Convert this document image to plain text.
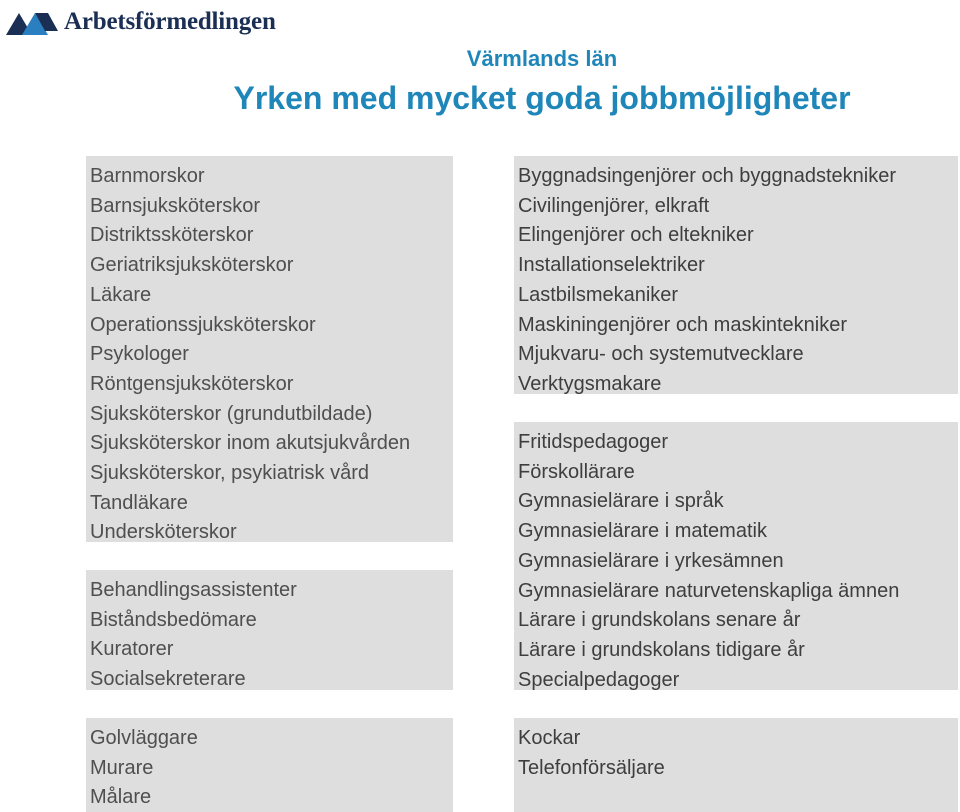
Arbetsförmedlingen
Värmlands län
Yrken med mycket goda jobbmöjligheter
Barnmorskor
Barnsjuksköterskor
Distriktssköterskor
Geriatriksjuksköterskor
Läkare
Operationssjuksköterskor
Psykologer
Röntgensjuksköterskor
Sjuksköterskor (grundutbildade)
Sjuksköterskor inom akutsjukvården
Sjuksköterskor, psykiatrisk vård
Tandläkare
Undersköterskor
Behandlingsassistenter
Biståndsbedömare
Kuratorer
Socialsekreterare
Golvläggare
Murare
Målare
Byggnadsingenjörer och byggnadstekniker
Civilingenjörer, elkraft
Elingenjörer och eltekniker
Installationselektriker
Lastbilsmekaniker
Maskiningenjörer och maskintekniker
Mjukvaru- och systemutvecklare
Verktygsmakare
Fritidspedagoger
Förskollärare
Gymnasielärare i språk
Gymnasielärare i matematik
Gymnasielärare i yrkesämnen
Gymnasielärare naturvetenskapliga ämnen
Lärare i grundskolans senare år
Lärare i grundskolans tidigare år
Specialpedagoger
Kockar
Telefonförsäljare
